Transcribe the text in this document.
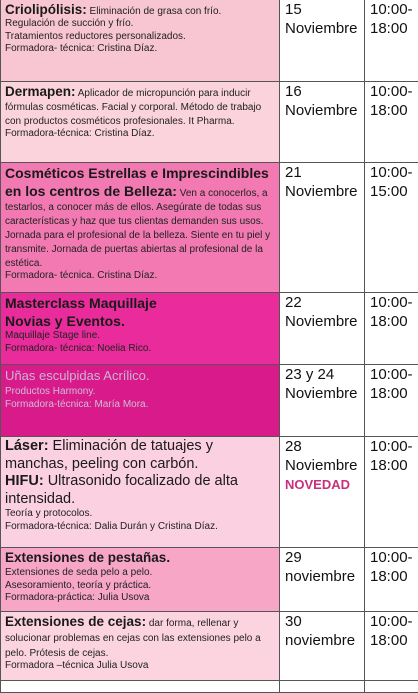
Criolipólisis: Eliminación de grasa con frío.
Regulación de succión y frío.
Tratamientos reductores personalizados.
Formadora- técnica: Cristina Díaz.
15
Noviembre
10:00-
18:00
Dermapen: Aplicador de micropunción para inducir fórmulas cosméticas. Facial y corporal. Método de trabajo con productos cosméticos profesionales. It Pharma.
Formadora-técnica: Cristina Díaz.
16
Noviembre
10:00-
18:00
Cosméticos Estrellas e Imprescindibles en los centros de Belleza: Ven a conocerlos, a testarlos, a conocer más de ellos. Asegúrate de todas sus características y haz que tus clientas demanden sus usos. Jornada para el profesional de la belleza. Siente en tu piel y transmite. Jornada de puertas abiertas al profesional de la estética.
Formadora- técnica. Cristina Díaz.
21
Noviembre
10:00-
15:00
Masterclass Maquillaje
Novias y Eventos.
Maquillaje Stage line.
Formadora- técnica: Noelia Rico.
22
Noviembre
10:00-
18:00
Uñas esculpidas Acrílico.
Productos Harmony.
Formadora-técnica: María Mora.
23 y 24
Noviembre
10:00-
18:00
Láser: Eliminación de tatuajes y manchas, peeling con carbón.
HIFU: Ultrasonido focalizado de alta intensidad.
Teoría y protocolos.
Formadora-técnica: Dalia Durán y Cristina Díaz.
28
Noviembre
NOVEDAD
10:00-
18:00
Extensiones de pestañas.
Extensiones de seda pelo a pelo.
Asesoramiento, teoría y práctica.
Formadora-práctica: Julia Usova
29
noviembre
10:00-
18:00
Extensiones de cejas: dar forma, rellenar y solucionar problemas en cejas con las extensiones pelo a pelo. Prótesis de cejas.
Formadora –técnica Julia Usova
30
noviembre
10:00-
18:00
